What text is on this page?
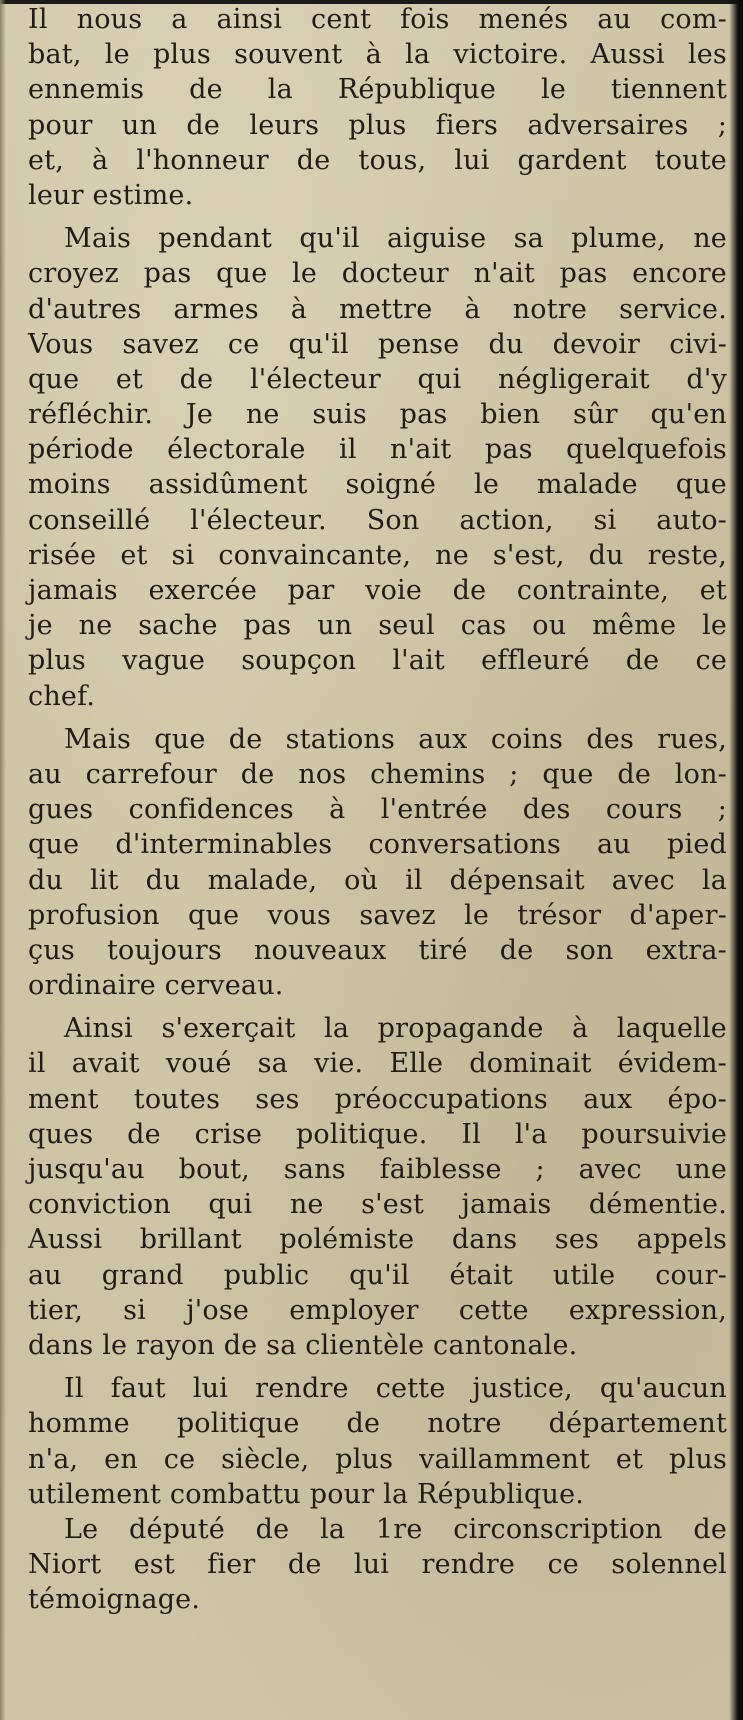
Il nous a ainsi cent fois menés au com-
bat, le plus souvent à la victoire. Aussi les
ennemis de la République le tiennent
pour un de leurs plus fiers adversaires ;
et, à l'honneur de tous, lui gardent toute
leur estime.
Mais pendant qu'il aiguise sa plume, ne
croyez pas que le docteur n'ait pas encore
d'autres armes à mettre à notre service.
Vous savez ce qu'il pense du devoir civi-
que et de l'électeur qui négligerait d'y
réfléchir. Je ne suis pas bien sûr qu'en
période électorale il n'ait pas quelquefois
moins assidûment soigné le malade que
conseillé l'électeur. Son action, si auto-
risée et si convaincante, ne s'est, du reste,
jamais exercée par voie de contrainte, et
je ne sache pas un seul cas ou même le
plus vague soupçon l'ait effleuré de ce
chef.
Mais que de stations aux coins des rues,
au carrefour de nos chemins ; que de lon-
gues confidences à l'entrée des cours ;
que d'interminables conversations au pied
du lit du malade, où il dépensait avec la
profusion que vous savez le trésor d'aper-
çus toujours nouveaux tiré de son extra-
ordinaire cerveau.
Ainsi s'exerçait la propagande à laquelle
il avait voué sa vie. Elle dominait évidem-
ment toutes ses préoccupations aux épo-
ques de crise politique. Il l'a poursuivie
jusqu'au bout, sans faiblesse ; avec une
conviction qui ne s'est jamais démentie.
Aussi brillant polémiste dans ses appels
au grand public qu'il était utile cour-
tier, si j'ose employer cette expression,
dans le rayon de sa clientèle cantonale.
Il faut lui rendre cette justice, qu'aucun
homme politique de notre département
n'a, en ce siècle, plus vaillamment et plus
utilement combattu pour la République.
Le député de la 1re circonscription de
Niort est fier de lui rendre ce solennel
témoignage.
